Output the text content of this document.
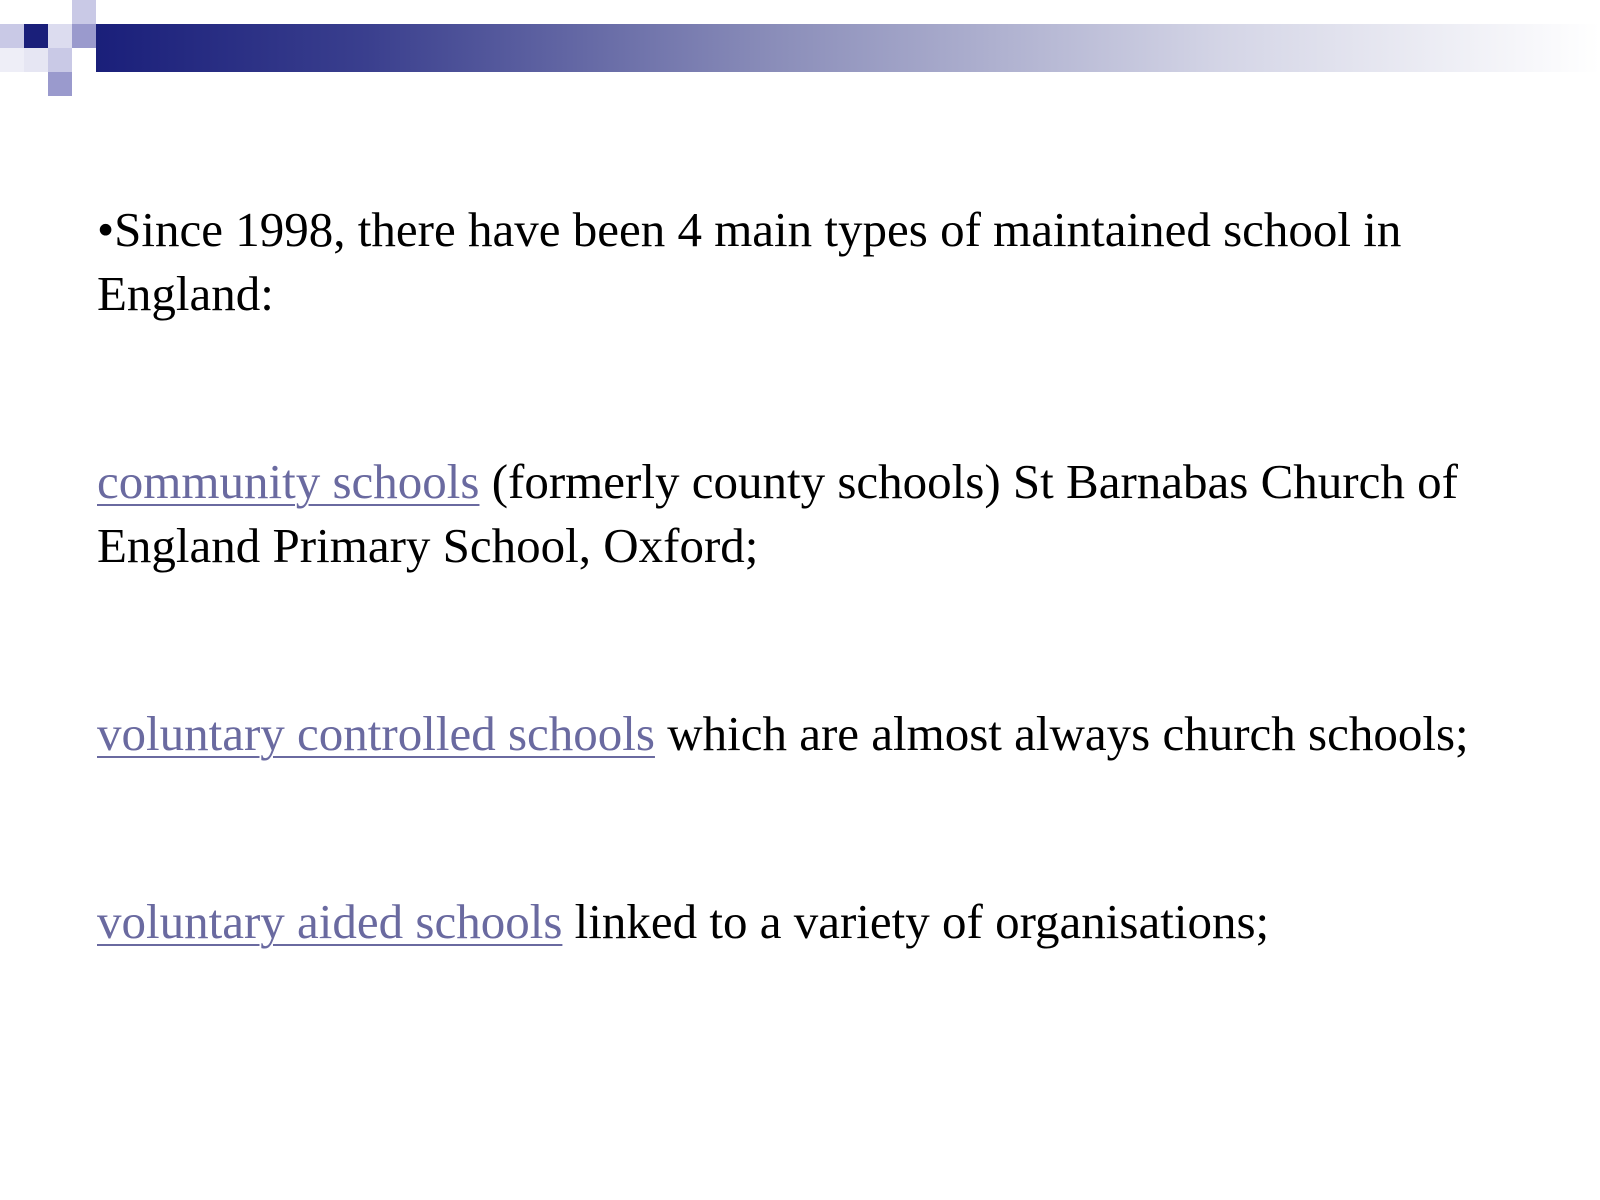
•Since 1998, there have been 4 main types of maintained school in England:

community schools (formerly county schools) St Barnabas Church of England Primary School, Oxford;

voluntary controlled schools which are almost always church schools;

voluntary aided schools linked to a variety of organisations;
